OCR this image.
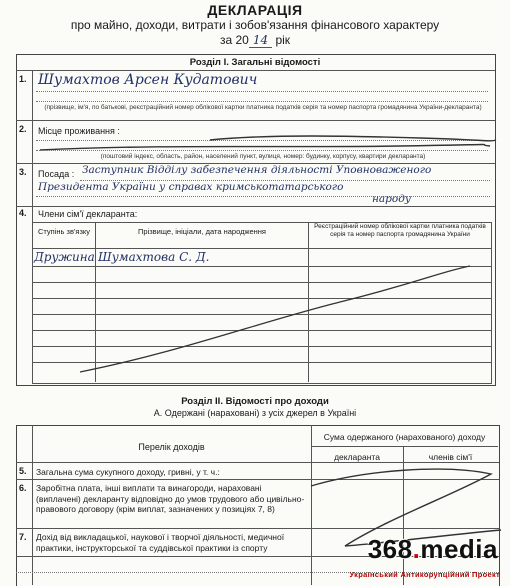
ДЕКЛАРАЦІЯ
про майно, доходи, витрати і зобов'язання фінансового характеру
за 20 14 рік
Розділ І. Загальні відомості
1. Шумахтов Арсен Кудатович
(прізвище, ім'я, по батькові, реєстраційний номер облікової картки платника податків серія та номер паспорта громадянина України-декларанта)
2. Місце проживання :
(поштовий індекс, область, район, населений пункт, вулиця, номер: будинку, корпусу, квартири декларанта)
3. Посада : Заступник Відділу забезпечення діяльності Уповноваженого
Президента України у справах кримськотатарського
народу
4. Члени сім'ї декларанта:
Ступінь зв'язку	Прізвище, ініціали, дата народження
Реєстраційний номер облікової картки платника податків серія та номер паспорта громадянина України
Дружина Шумахтова С. Д.
Розділ ІІ. Відомості про доходи
А. Одержані (нараховані) з усіх джерел в Україні
Перелік доходів
Сума одержаного (нарахованого) доходу
декларанта	членів сім'ї
5. Загальна сума сукупного доходу, гривні, у т. ч.:
6. Заробітна плата, інші виплати та винагороди, нараховані (виплачені) декларанту відповідно до умов трудового або цивільно-правового договору (крім виплат, зазначених у позиціях 7, 8)
7. Дохід від викладацької, наукової і творчої діяльності, медичної практики, інструкторської та суддівської практики із спорту	368.media
Український Антикорупційний Проект
